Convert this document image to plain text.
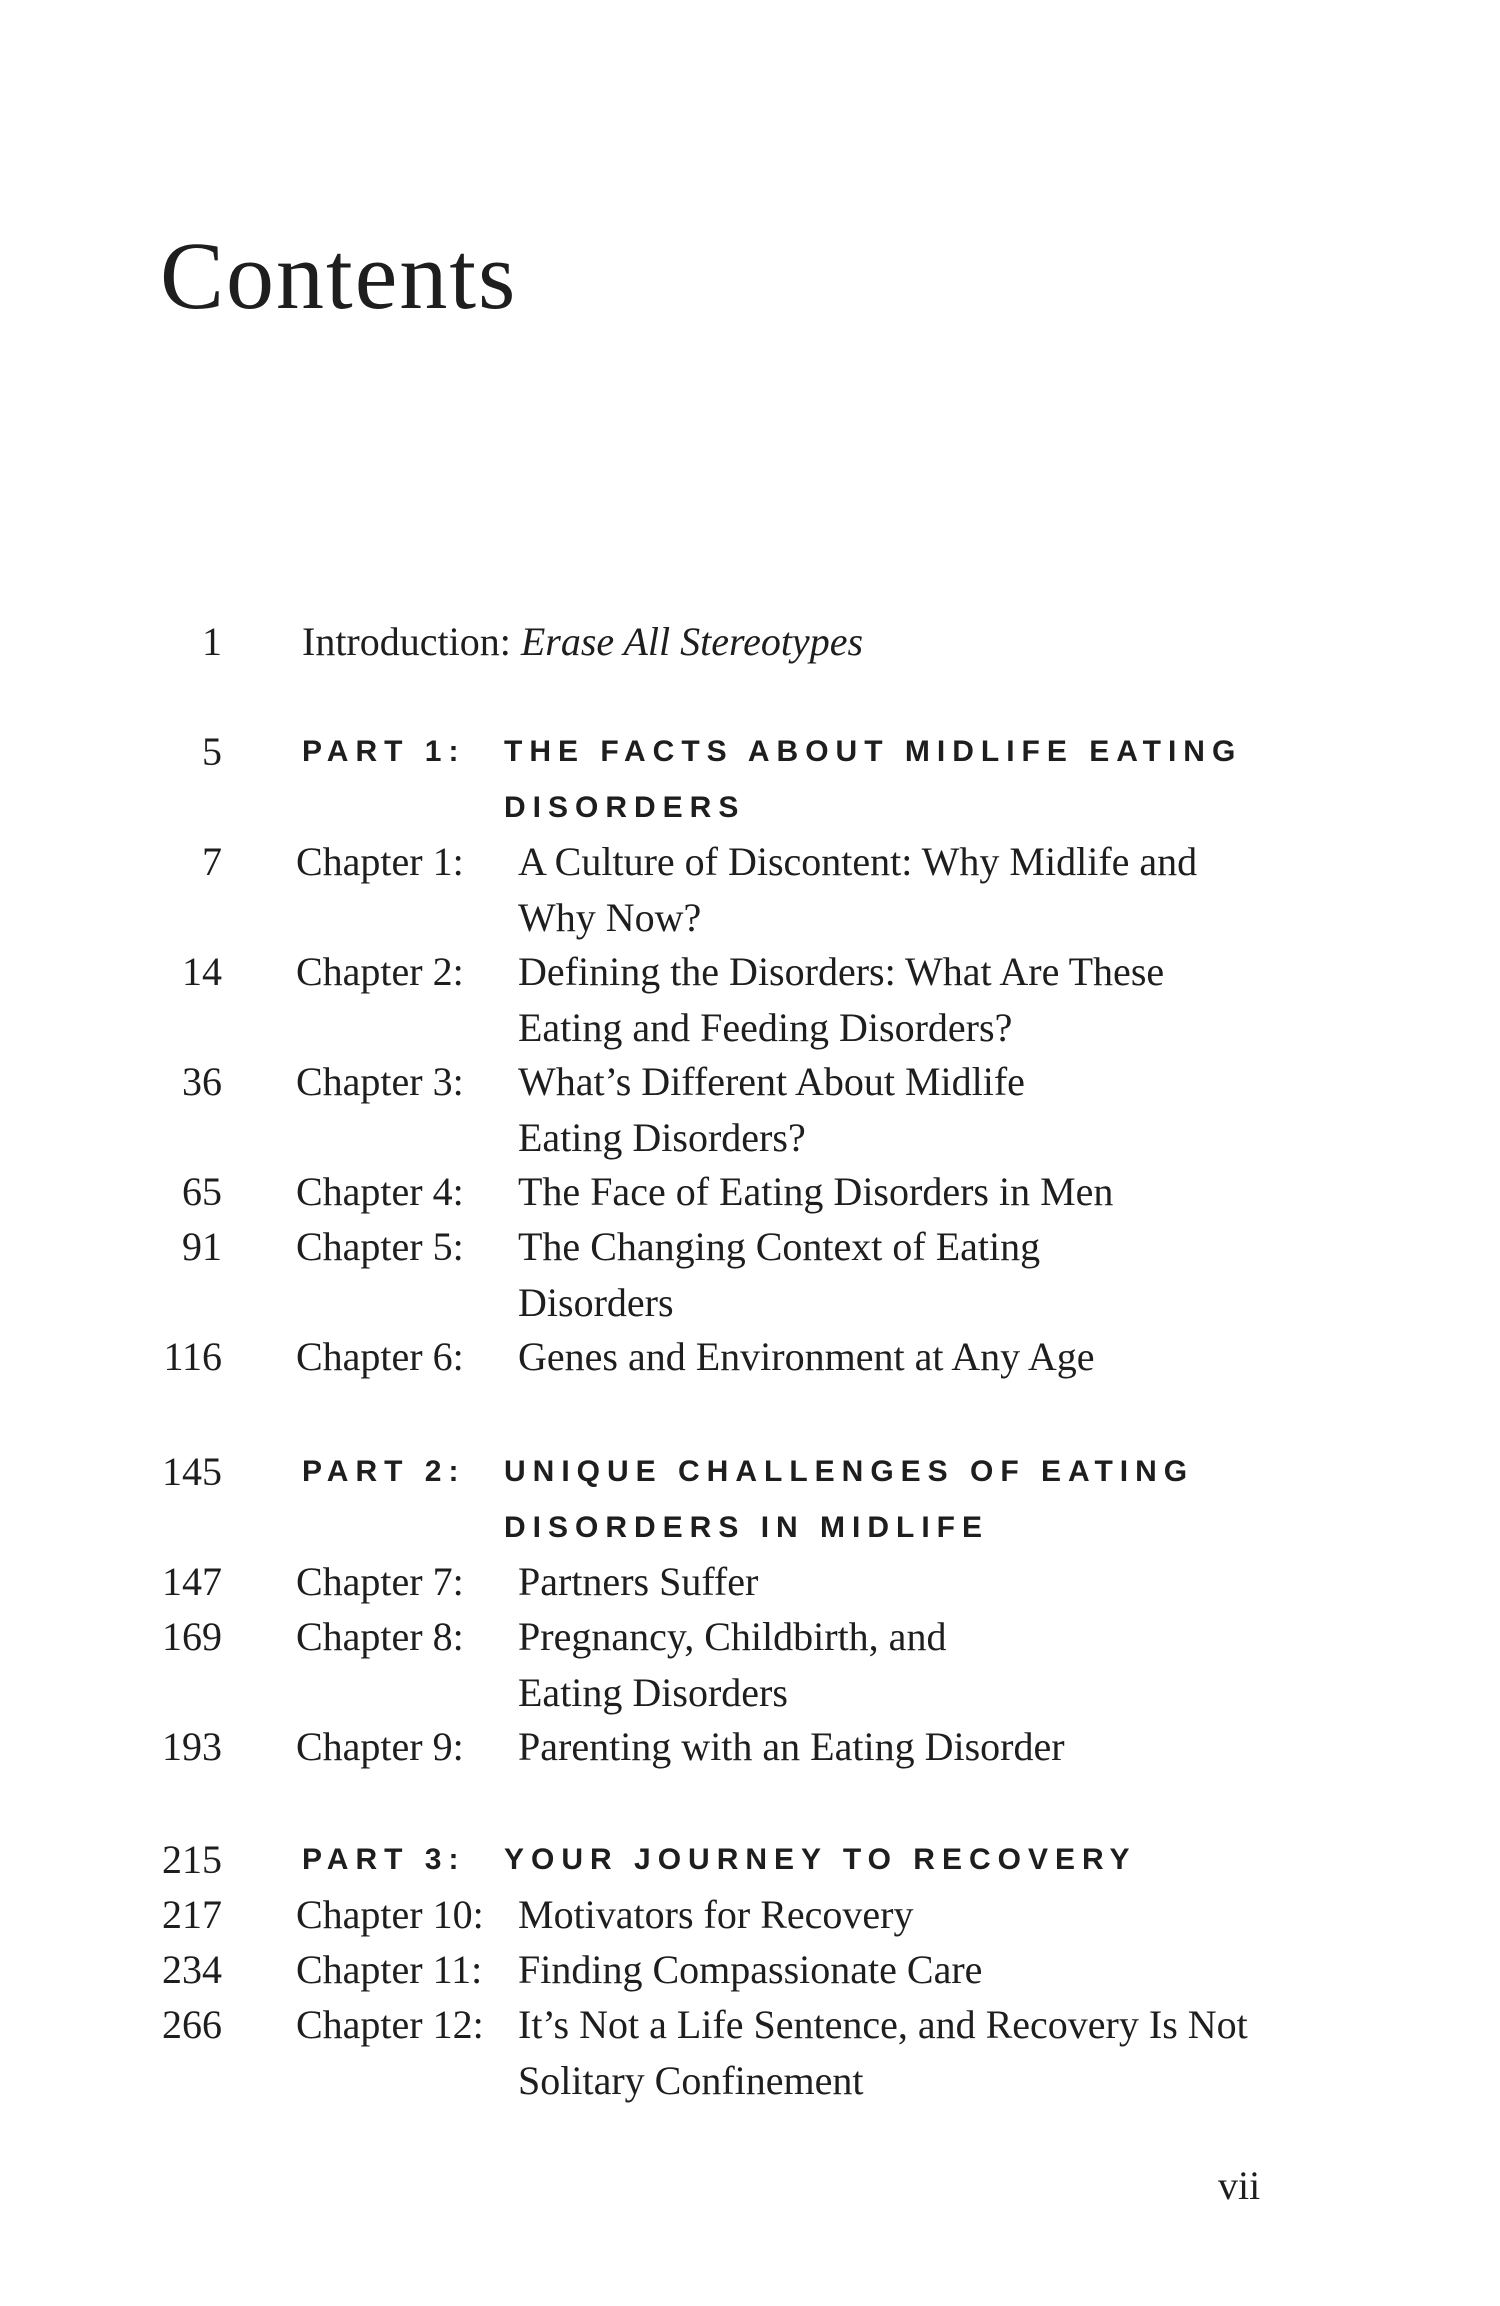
Contents
1 Introduction: Erase All Stereotypes
5	PART 1: THE FACTS ABOUT MIDLIFE EATING DISORDERS
7 Chapter 1: A Culture of Discontent: Why Midlife and Why Now?
14 Chapter 2: Defining the Disorders: What Are These Eating and Feeding Disorders?
36 Chapter 3: What’s Different About Midlife Eating Disorders?
65 Chapter 4: The Face of Eating Disorders in Men
91 Chapter 5: The Changing Context of Eating Disorders
116 Chapter 6: Genes and Environment at Any Age
145	PART 2: UNIQUE CHALLENGES OF EATING DISORDERS IN MIDLIFE
147 Chapter 7: Partners Suffer
169 Chapter 8: Pregnancy, Childbirth, and Eating Disorders
193 Chapter 9: Parenting with an Eating Disorder
215	PART 3: YOUR JOURNEY TO RECOVERY
217 Chapter 10: Motivators for Recovery
234 Chapter 11: Finding Compassionate Care
266 Chapter 12: It’s Not a Life Sentence, and Recovery Is Not Solitary Confinement
vii
